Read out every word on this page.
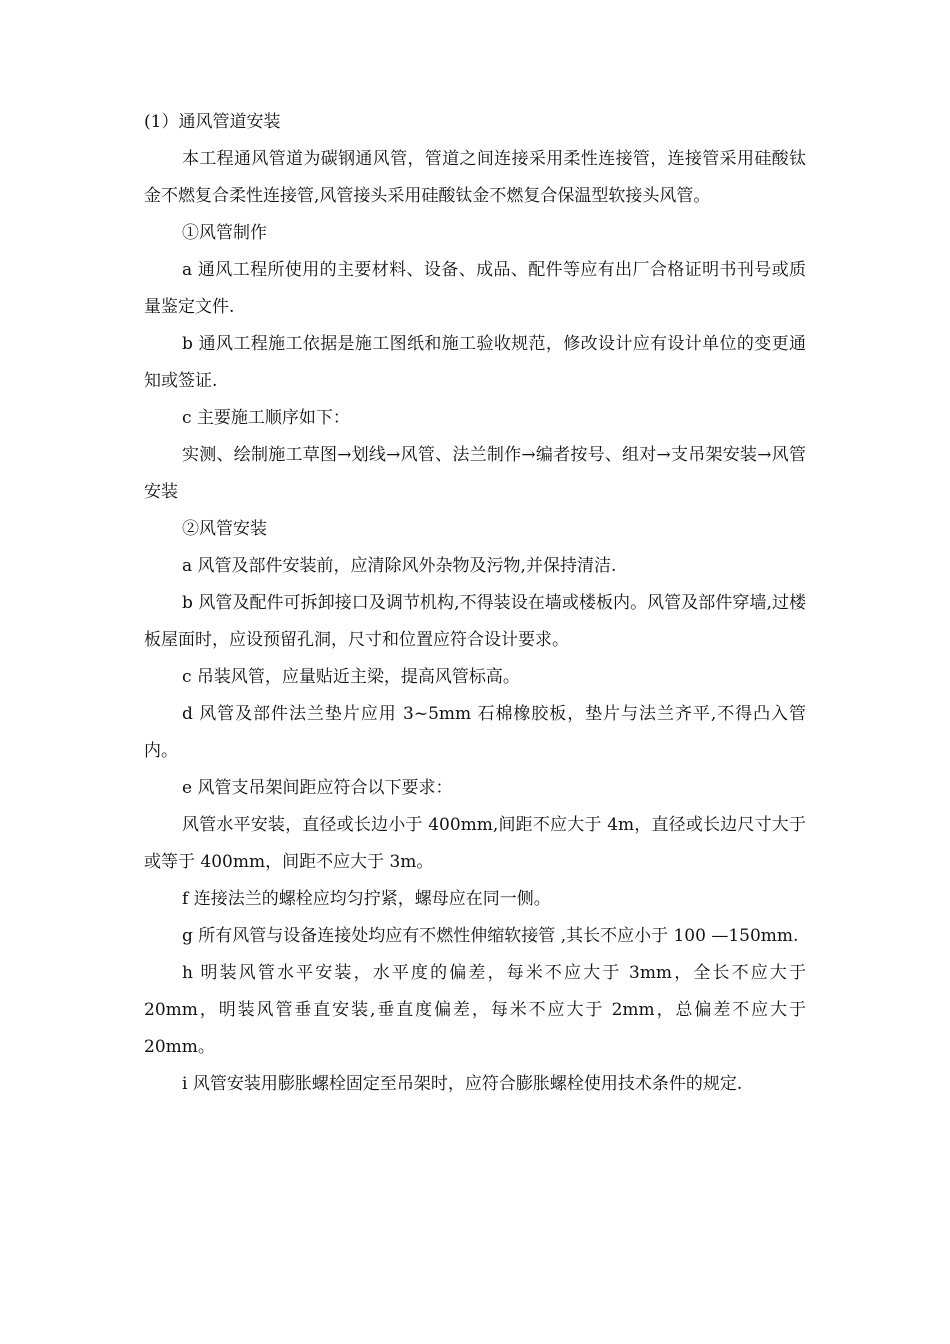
(1）通风管道安装

本工程通风管道为碳钢通风管，管道之间连接采用柔性连接管，连接管采用硅酸钛金不燃复合柔性连接管,风管接头采用硅酸钛金不燃复合保温型软接头风管。

①风管制作

a 通风工程所使用的主要材料、设备、成品、配件等应有出厂合格证明书刊号或质量鉴定文件.

b 通风工程施工依据是施工图纸和施工验收规范，修改设计应有设计单位的变更通知或签证.

c 主要施工顺序如下：

实测、绘制施工草图→划线→风管、法兰制作→编者按号、组对→支吊架安装→风管安装

②风管安装

a 风管及部件安装前，应清除风外杂物及污物,并保持清洁.

b 风管及配件可拆卸接口及调节机构,不得装设在墙或楼板内。风管及部件穿墙,过楼板屋面时，应设预留孔洞，尺寸和位置应符合设计要求。

c 吊装风管，应量贴近主梁，提高风管标高。

d 风管及部件法兰垫片应用 3~5mm 石棉橡胶板，垫片与法兰齐平,不得凸入管内。

e 风管支吊架间距应符合以下要求：

风管水平安装，直径或长边小于 400mm,间距不应大于 4m，直径或长边尺寸大于或等于 400mm，间距不应大于 3m。

f 连接法兰的螺栓应均匀拧紧，螺母应在同一侧。

g 所有风管与设备连接处均应有不燃性伸缩软接管 ,其长不应小于 100 —150mm.

h 明装风管水平安装，水平度的偏差，每米不应大于 3mm，全长不应大于 20mm，明装风管垂直安装,垂直度偏差，每米不应大于 2mm，总偏差不应大于 20mm。

i 风管安装用膨胀螺栓固定至吊架时，应符合膨胀螺栓使用技术条件的规定.
